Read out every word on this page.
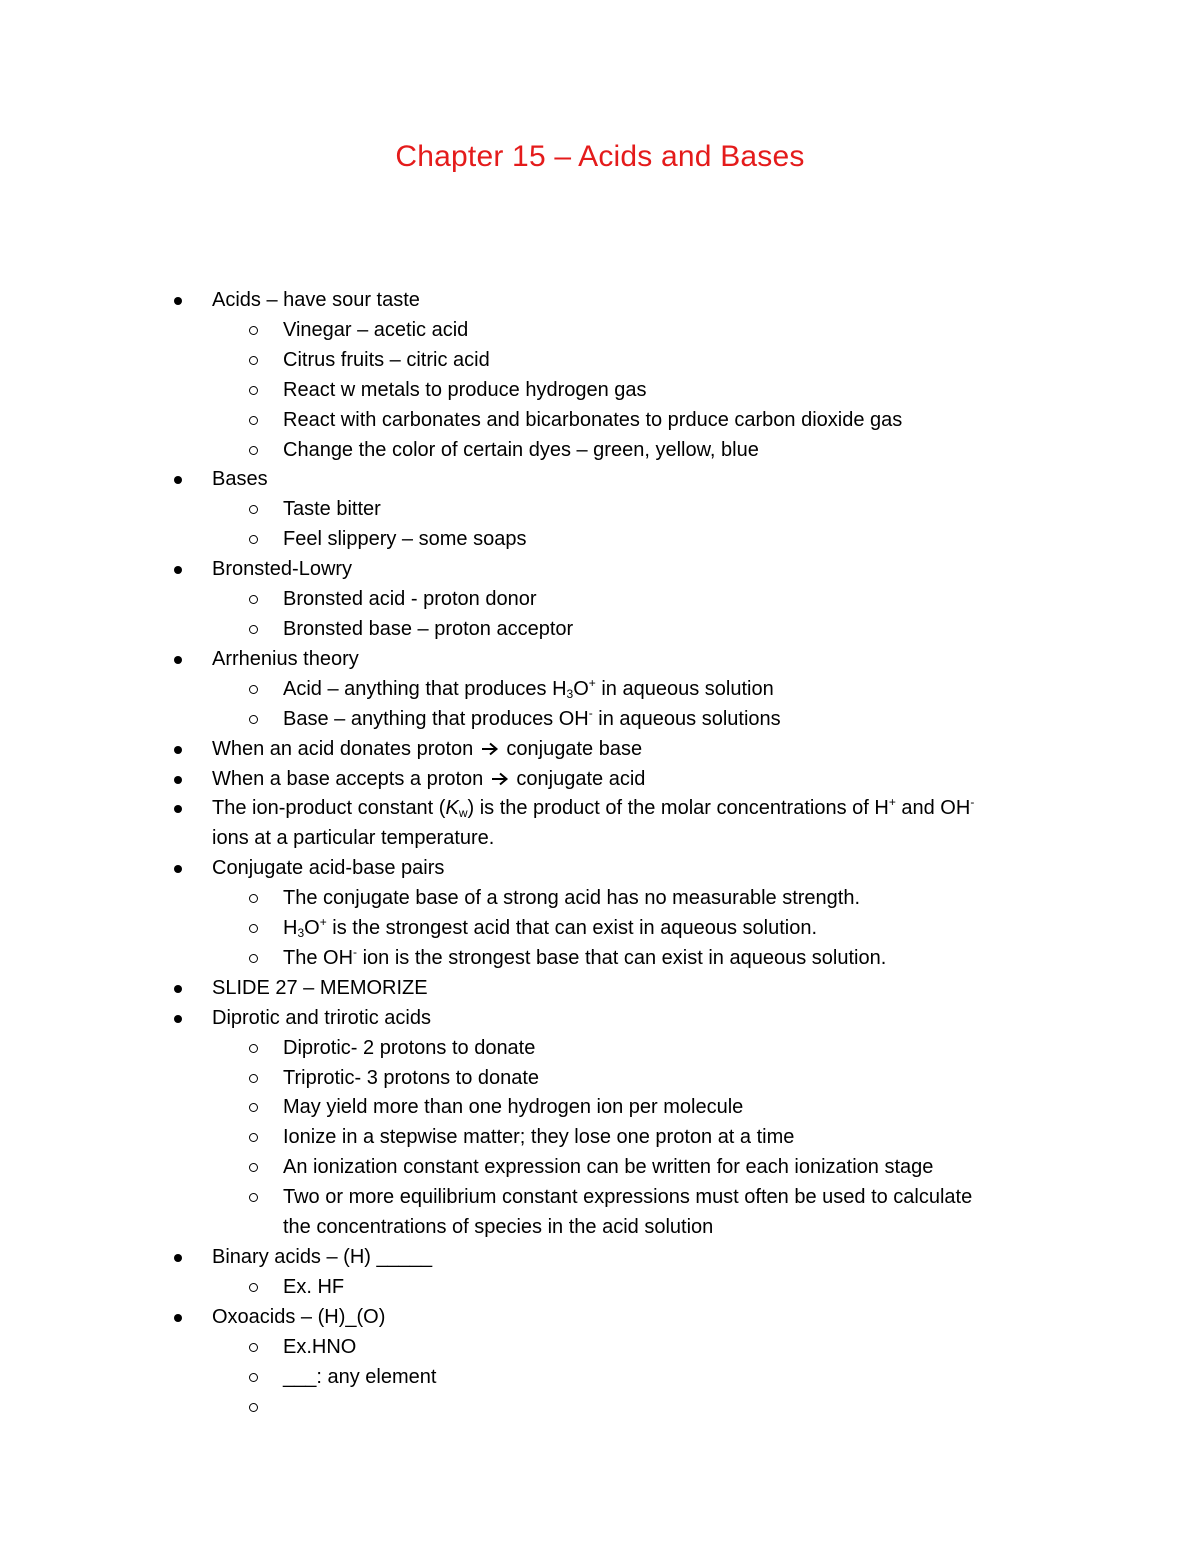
Chapter 15 – Acids and Bases
Acids – have sour taste
Vinegar – acetic acid
Citrus fruits – citric acid
React w metals to produce hydrogen gas
React with carbonates and bicarbonates to prduce carbon dioxide gas
Change the color of certain dyes – green, yellow, blue
Bases
Taste bitter
Feel slippery – some soaps
Bronsted-Lowry
Bronsted acid - proton donor
Bronsted base – proton acceptor
Arrhenius theory
Acid – anything that produces $H_3O^+$ in aqueous solution
Base – anything that produces OH- in aqueous solutions
When an acid donates proton  conjugate base
When a base accepts a proton  conjugate acid
The ion-product constant $(K_w)$ is the product of the molar concentrations of H+ and OH-
ions at a particular temperature.
Conjugate acid-base pairs
The conjugate base of a strong acid has no measurable strength.
$H_3O^+$ is the strongest acid that can exist in aqueous solution.
The OH- ion is the strongest base that can exist in aqueous solution.
SLIDE 27 – MEMORIZE
Diprotic and trirotic acids
Diprotic- 2 protons to donate
Triprotic- 3 protons to donate
May yield more than one hydrogen ion per molecule
Ionize in a stepwise matter; they lose one proton at a time
An ionization constant expression can be written for each ionization stage
Two or more equilibrium constant expressions must often be used to calculate
the concentrations of species in the acid solution
Binary acids – (H) _____
Ex. HF
Oxoacids – (H)_(O)
Ex.HNO
___: any element
